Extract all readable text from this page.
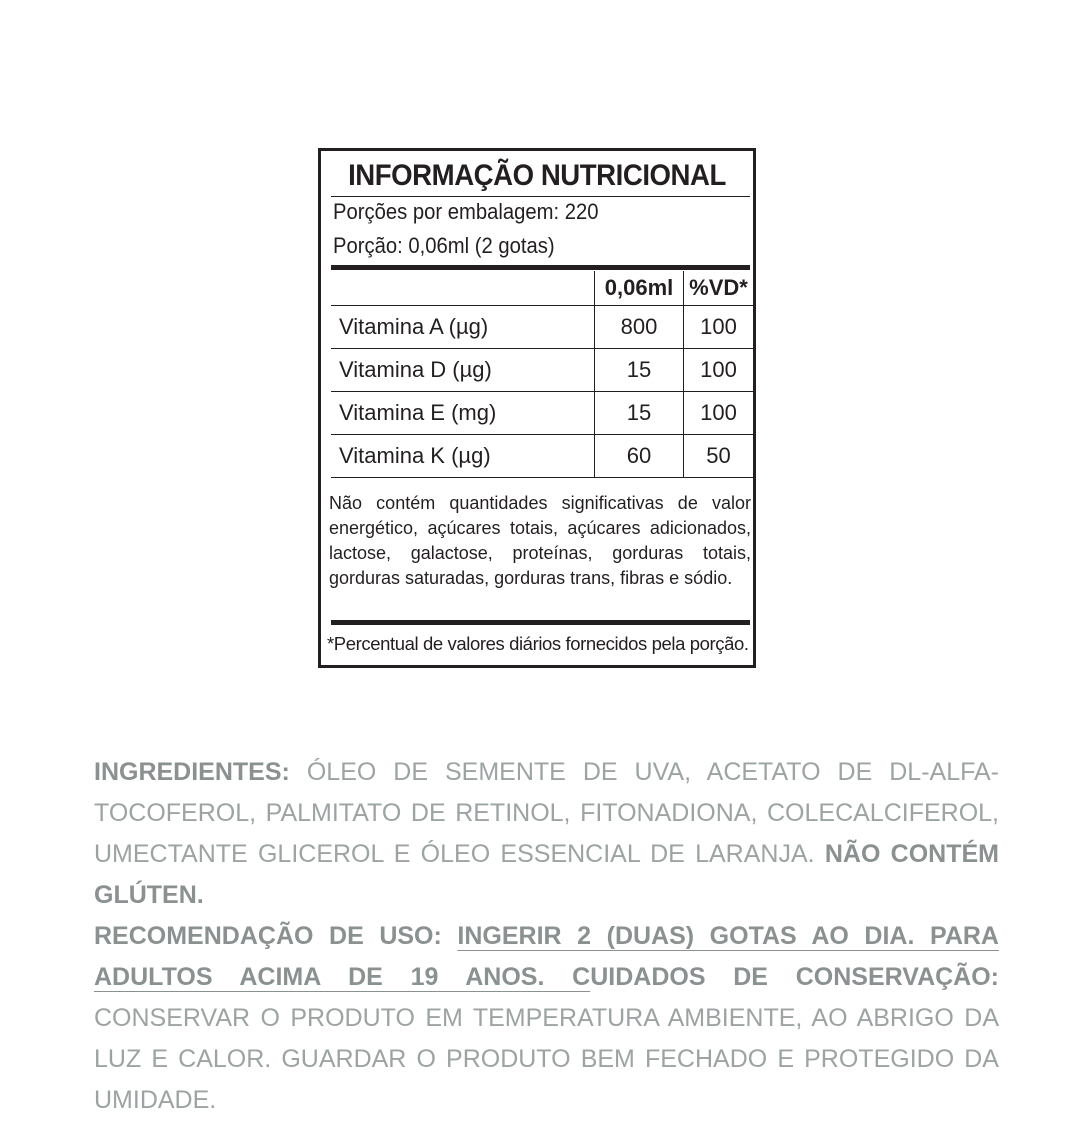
INFORMAÇÃO NUTRICIONAL
Porções por embalagem: 220
Porção: 0,06ml (2 gotas)
	0,06ml	%VD*
Vitamina A (µg)	800	100
Vitamina D (µg)	15	100
Vitamina E (mg)	15	100
Vitamina K (µg)	60	50
Não contém quantidades significativas de valor energético, açúcares totais, açúcares adicionados, lactose, galactose, proteínas, gorduras totais, gorduras saturadas, gorduras trans, fibras e sódio.
*Percentual de valores diários fornecidos pela porção.

INGREDIENTES: ÓLEO DE SEMENTE DE UVA, ACETATO DE DL-ALFA-TOCOFEROL, PALMITATO DE RETINOL, FITONADIONA, COLECALCIFEROL, UMECTANTE GLICEROL E ÓLEO ESSENCIAL DE LARANJA. NÃO CONTÉM GLÚTEN.

RECOMENDAÇÃO DE USO: INGERIR 2 (DUAS) GOTAS AO DIA. PARA ADULTOS ACIMA DE 19 ANOS. CUIDADOS DE CONSERVAÇÃO: CONSERVAR O PRODUTO EM TEMPERATURA AMBIENTE, AO ABRIGO DA LUZ E CALOR. GUARDAR O PRODUTO BEM FECHADO E PROTEGIDO DA UMIDADE.
